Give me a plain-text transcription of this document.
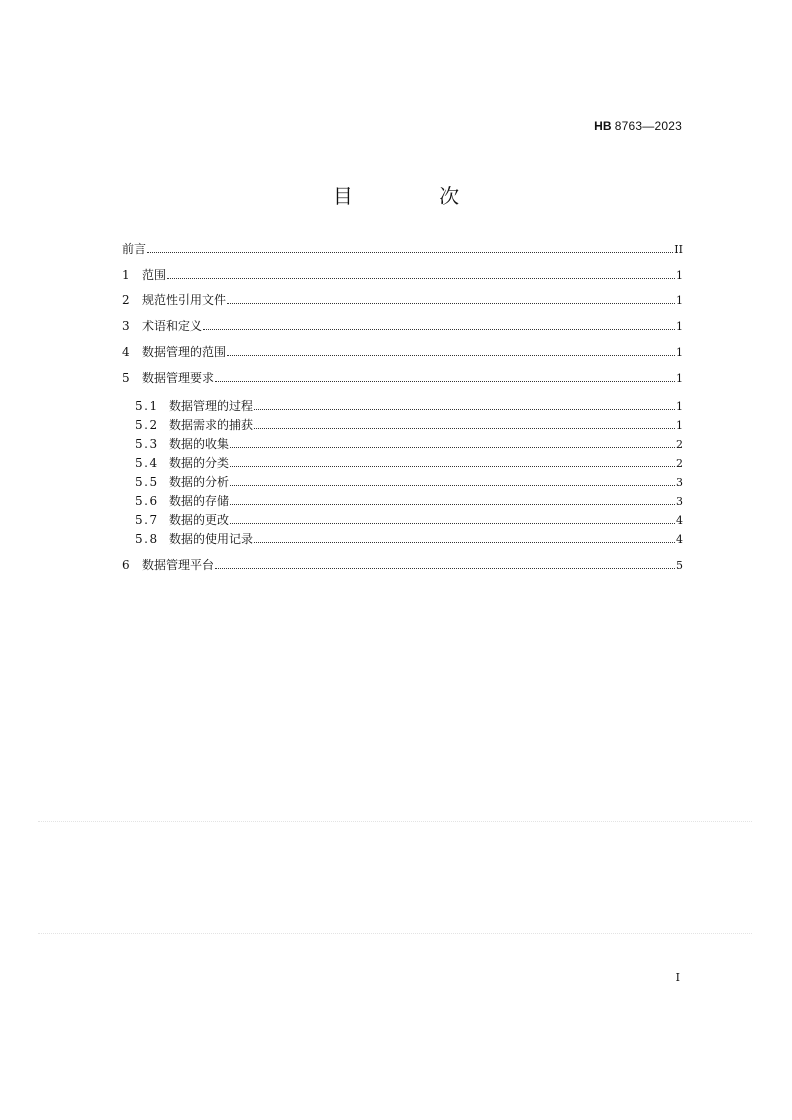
HB 8763—2023
目 次
前言	II
1	范围	1
2	规范性引用文件	1
3	术语和定义	1
4	数据管理的范围	1
5	数据管理要求	1
5.1 数据管理的过程	1
5.2 数据需求的捕获	1
5.3 数据的收集	2
5.4 数据的分类	2
5.5 数据的分析	3
5.6 数据的存储	3
5.7 数据的更改	4
5.8 数据的使用记录	4
6	数据管理平台	5
I
